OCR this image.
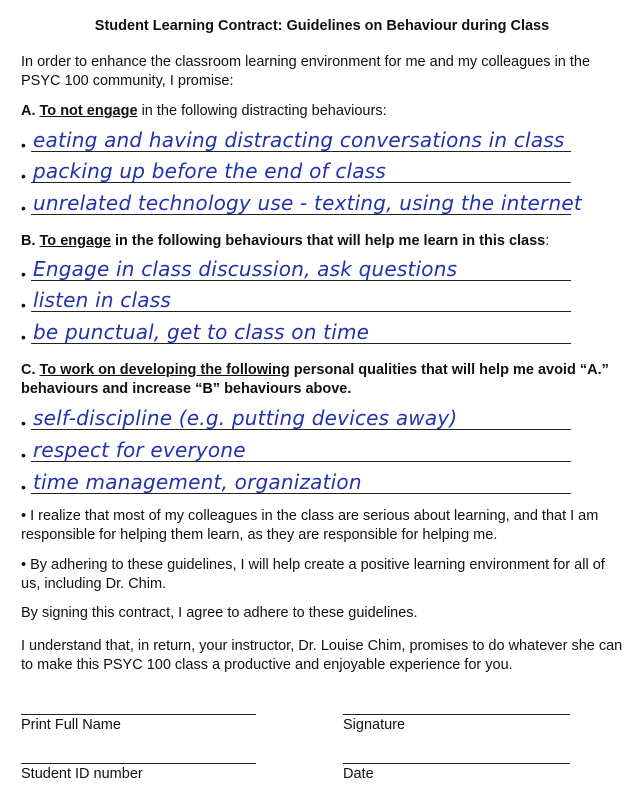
Student Learning Contract: Guidelines on Behaviour during Class
In order to enhance the classroom learning environment for me and my colleagues in the PSYC 100 community, I promise:
A. To not engage in the following distracting behaviours:
• eating and having distracting conversations in class
• packing up before the end of class
• unrelated technology use - texting, using the internet
B. To engage in the following behaviours that will help me learn in this class:
• Engage in class discussion, ask questions
• listen in class
• be punctual, get to class on time
C. To work on developing the following personal qualities that will help me avoid “A.” behaviours and increase “B” behaviours above.
• self-discipline (e.g. putting devices away)
• respect for everyone
• time management, organization
• I realize that most of my colleagues in the class are serious about learning, and that I am responsible for helping them learn, as they are responsible for helping me.
• By adhering to these guidelines, I will help create a positive learning environment for all of us, including Dr. Chim.
By signing this contract, I agree to adhere to these guidelines.
I understand that, in return, your instructor, Dr. Louise Chim, promises to do whatever she can to make this PSYC 100 class a productive and enjoyable experience for you.
Print Full Name	Signature
Student ID number	Date
